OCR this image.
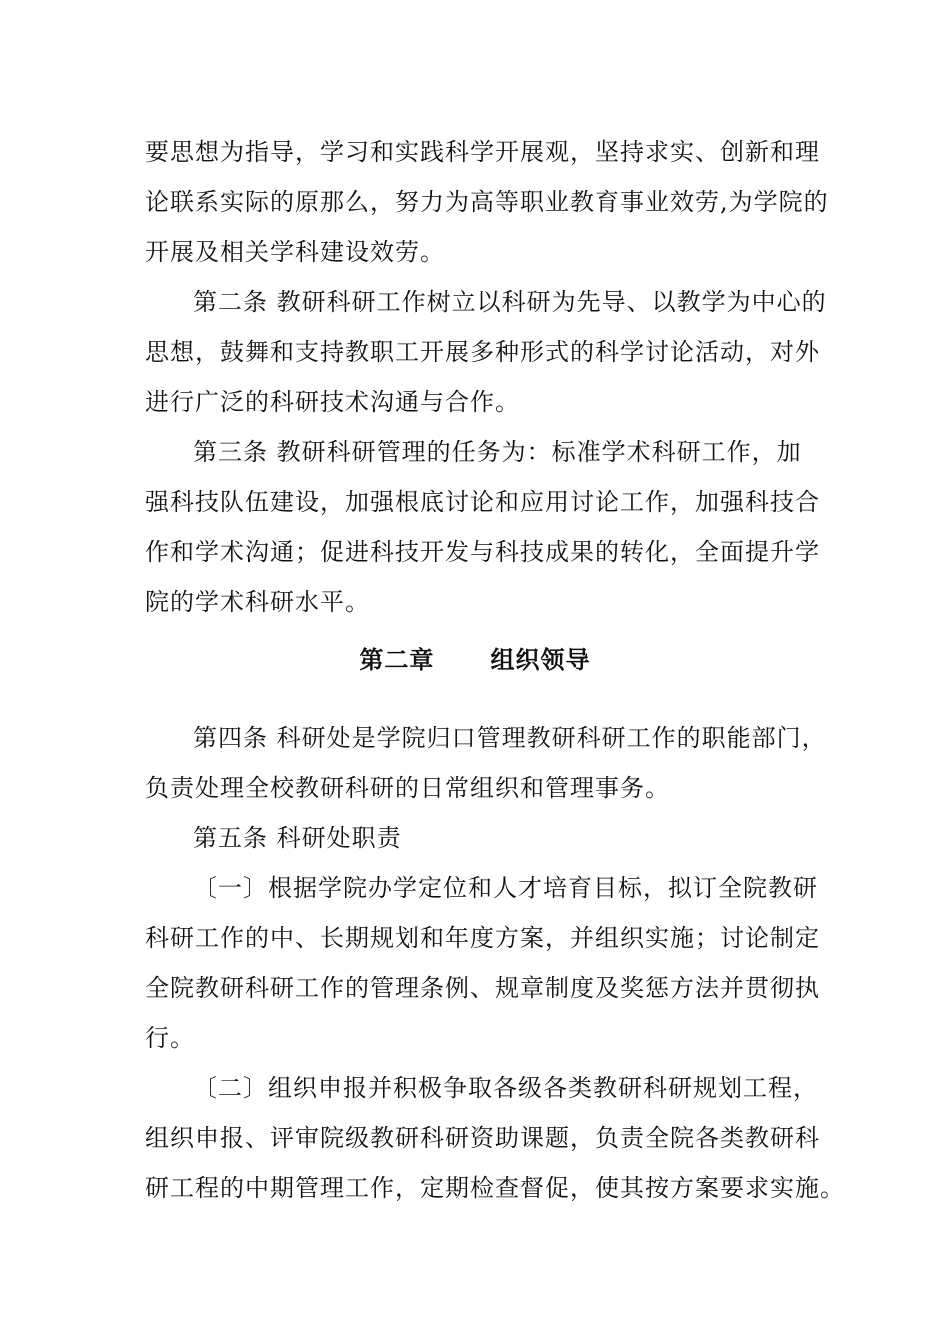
要思想为指导，学习和实践科学开展观，坚持求实、创新和理
论联系实际的原那么，努力为高等职业教育事业效劳,为学院的
开展及相关学科建设效劳。
第二条 教研科研工作树立以科研为先导、以教学为中心的
思想，鼓舞和支持教职工开展多种形式的科学讨论活动，对外
进行广泛的科研技术沟通与合作。
第三条 教研科研管理的任务为：标准学术科研工作，加
强科技队伍建设，加强根底讨论和应用讨论工作，加强科技合
作和学术沟通；促进科技开发与科技成果的转化，全面提升学
院的学术科研水平。
第二章      组织领导
第四条 科研处是学院归口管理教研科研工作的职能部门，
负责处理全校教研科研的日常组织和管理事务。
第五条 科研处职责
〔一〕根据学院办学定位和人才培育目标，拟订全院教研
科研工作的中、长期规划和年度方案，并组织实施；讨论制定
全院教研科研工作的管理条例、规章制度及奖惩方法并贯彻执
行。
〔二〕组织申报并积极争取各级各类教研科研规划工程，
组织申报、评审院级教研科研资助课题，负责全院各类教研科
研工程的中期管理工作，定期检查督促，使其按方案要求实施。
